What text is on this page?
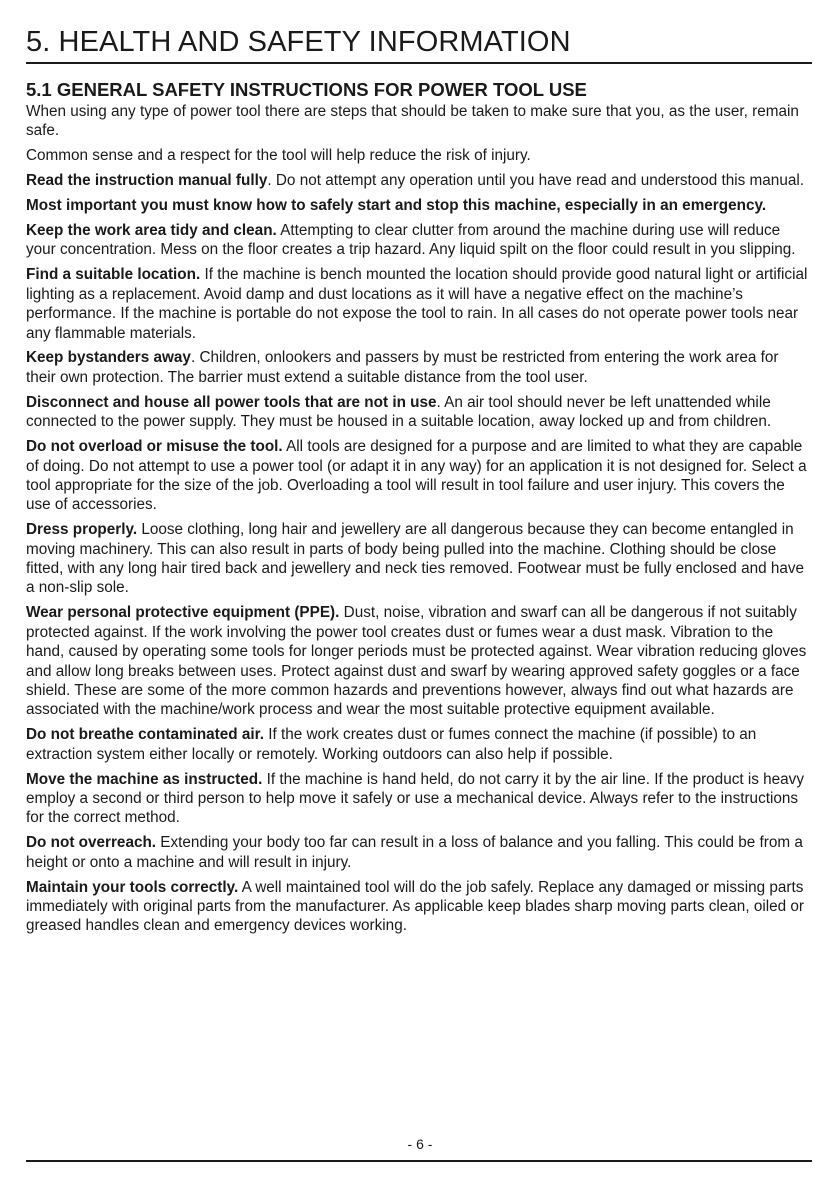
5. HEALTH AND SAFETY INFORMATION
5.1 GENERAL SAFETY INSTRUCTIONS FOR POWER TOOL USE

When using any type of power tool there are steps that should be taken to make sure that you, as the user, remain safe.

Common sense and a respect for the tool will help reduce the risk of injury.

Read the instruction manual fully. Do not attempt any operation until you have read and understood this manual.

Most important you must know how to safely start and stop this machine, especially in an emergency.

Keep the work area tidy and clean. Attempting to clear clutter from around the machine during use will reduce your concentration. Mess on the floor creates a trip hazard. Any liquid spilt on the floor could result in you slipping.

Find a suitable location. If the machine is bench mounted the location should provide good natural light or artificial lighting as a replacement. Avoid damp and dust locations as it will have a negative effect on the machine’s performance. If the machine is portable do not expose the tool to rain. In all cases do not operate power tools near any flammable materials.

Keep bystanders away. Children, onlookers and passers by must be restricted from entering the work area for their own protection. The barrier must extend a suitable distance from the tool user.

Disconnect and house all power tools that are not in use. An air tool should never be left unattended while connected to the power supply. They must be housed in a suitable location, away locked up and from children.

Do not overload or misuse the tool. All tools are designed for a purpose and are limited to what they are capable of doing. Do not attempt to use a power tool (or adapt it in any way) for an application it is not designed for. Select a tool appropriate for the size of the job. Overloading a tool will result in tool failure and user injury. This covers the use of accessories.

Dress properly. Loose clothing, long hair and jewellery are all dangerous because they can become entangled in moving machinery. This can also result in parts of body being pulled into the machine. Clothing should be close fitted, with any long hair tired back and jewellery and neck ties removed. Footwear must be fully enclosed and have a non-slip sole.

Wear personal protective equipment (PPE). Dust, noise, vibration and swarf can all be dangerous if not suitably protected against. If the work involving the power tool creates dust or fumes wear a dust mask. Vibration to the hand, caused by operating some tools for longer periods must be protected against. Wear vibration reducing gloves and allow long breaks between uses. Protect against dust and swarf by wearing approved safety goggles or a face shield. These are some of the more common hazards and preventions however, always find out what hazards are associated with the machine/work process and wear the most suitable protective equipment available.

Do not breathe contaminated air. If the work creates dust or fumes connect the machine (if possible) to an extraction system either locally or remotely. Working outdoors can also help if possible.

Move the machine as instructed. If the machine is hand held, do not carry it by the air line. If the product is heavy employ a second or third person to help move it safely or use a mechanical device. Always refer to the instructions for the correct method.

Do not overreach. Extending your body too far can result in a loss of balance and you falling. This could be from a height or onto a machine and will result in injury.

Maintain your tools correctly. A well maintained tool will do the job safely. Replace any damaged or missing parts immediately with original parts from the manufacturer. As applicable keep blades sharp moving parts clean, oiled or greased handles clean and emergency devices working.

- 6 -
